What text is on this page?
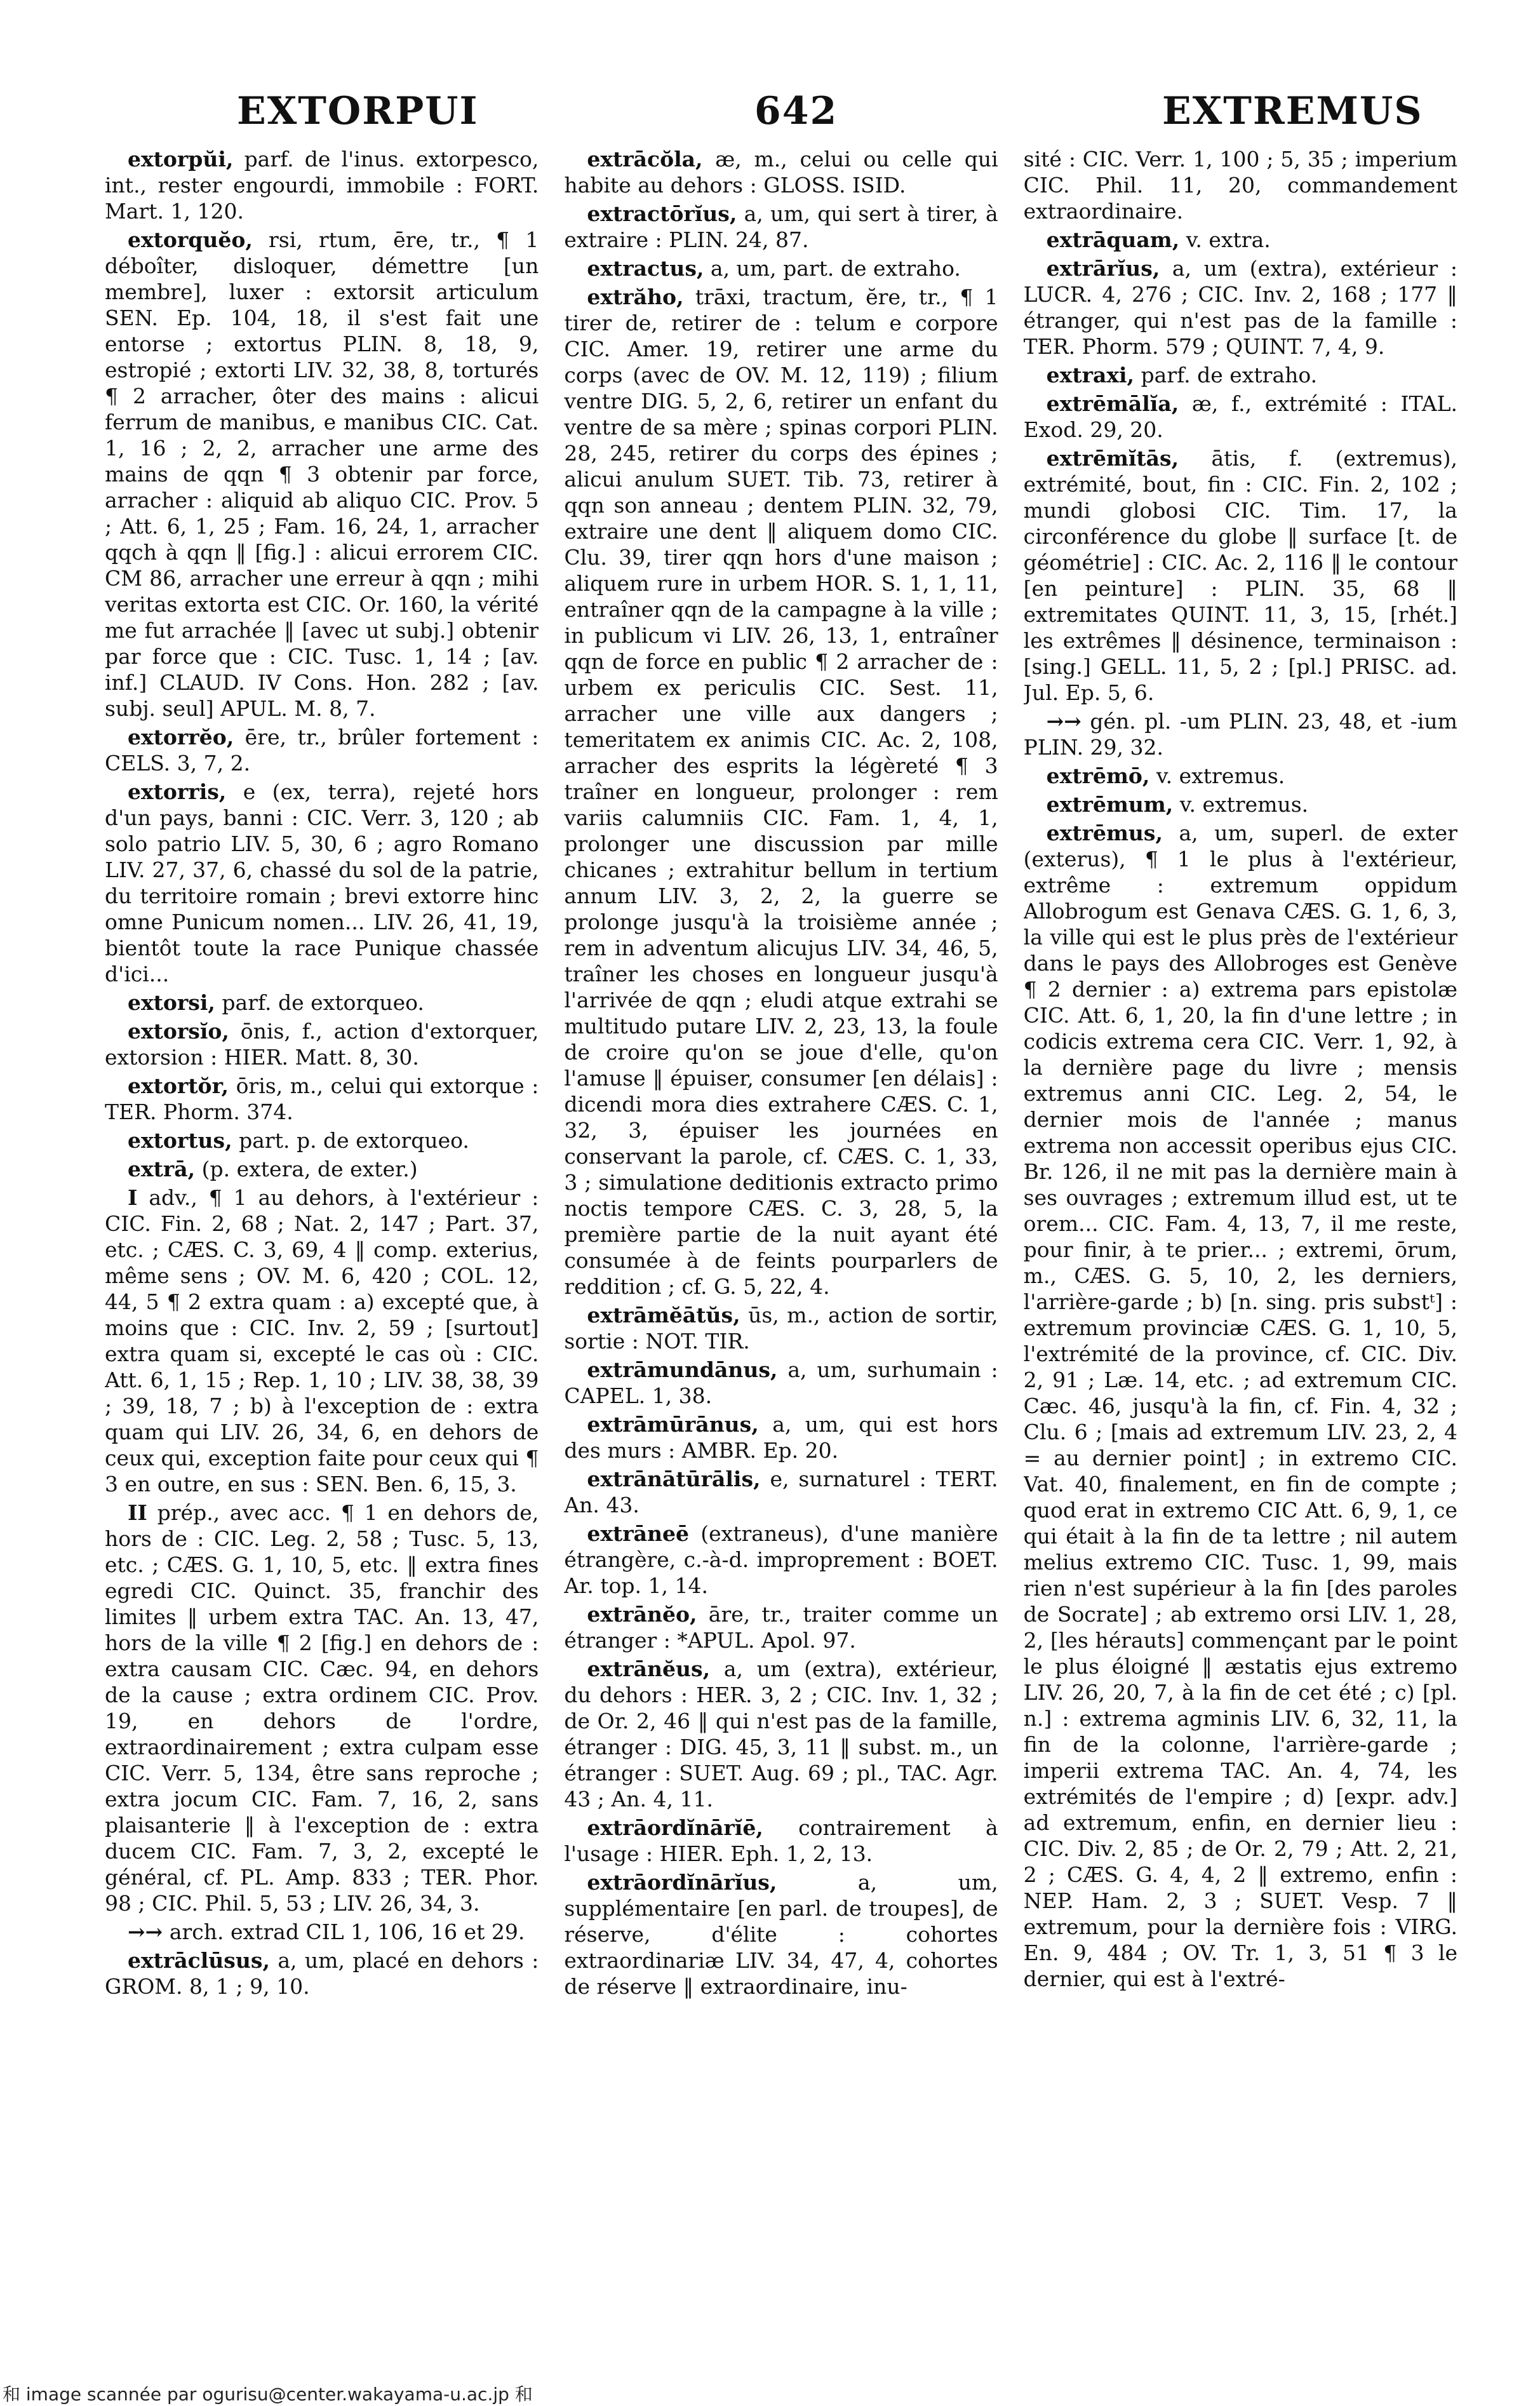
EXTORPUI	642	EXTREMUS

extorpŭi, parf. de l'inus. extorpesco, int., rester engourdi, immobile : FORT. Mart. 1, 120.

extorquĕo, rsi, rtum, ēre, tr., ¶ 1 déboîter, disloquer, démettre [un membre], luxer : extorsit articulum SEN. Ep. 104, 18, il s'est fait une entorse ; extortus PLIN. 8, 18, 9, estropié ; extorti LIV. 32, 38, 8, torturés ¶ 2 arracher, ôter des mains : alicui ferrum de manibus, e manibus CIC. Cat. 1, 16 ; 2, 2, arracher une arme des mains de qqn ¶ 3 obtenir par force, arracher : aliquid ab aliquo CIC. Prov. 5 ; Att. 6, 1, 25 ; Fam. 16, 24, 1, arracher qqch à qqn ‖ [fig.] : alicui errorem CIC. CM 86, arracher une erreur à qqn ; mihi veritas extorta est CIC. Or. 160, la vérité me fut arrachée ‖ [avec ut subj.] obtenir par force que : CIC. Tusc. 1, 14 ; [av. inf.] CLAUD. IV Cons. Hon. 282 ; [av. subj. seul] APUL. M. 8, 7.

extorrĕo, ēre, tr., brûler fortement : CELS. 3, 7, 2.

extorris, e (ex, terra), rejeté hors d'un pays, banni : CIC. Verr. 3, 120 ; ab solo patrio LIV. 5, 30, 6 ; agro Romano LIV. 27, 37, 6, chassé du sol de la patrie, du territoire romain ; brevi extorre hinc omne Punicum nomen... LIV. 26, 41, 19, bientôt toute la race Punique chassée d'ici...

extorsi, parf. de extorqueo.

extorsĭo, ōnis, f., action d'extorquer, extorsion : HIER. Matt. 8, 30.

extortŏr, ōris, m., celui qui extorque : TER. Phorm. 374.

extortus, part. p. de extorqueo.

extrā, (p. extera, de exter.)

I adv., ¶ 1 au dehors, à l'extérieur : CIC. Fin. 2, 68 ; Nat. 2, 147 ; Part. 37, etc. ; CÆS. C. 3, 69, 4 ‖ comp. exterius, même sens ; OV. M. 6, 420 ; COL. 12, 44, 5 ¶ 2 extra quam : a) excepté que, à moins que : CIC. Inv. 2, 59 ; [surtout] extra quam si, excepté le cas où : CIC. Att. 6, 1, 15 ; Rep. 1, 10 ; LIV. 38, 38, 39 ; 39, 18, 7 ; b) à l'exception de : extra quam qui LIV. 26, 34, 6, en dehors de ceux qui, exception faite pour ceux qui ¶ 3 en outre, en sus : SEN. Ben. 6, 15, 3.

II prép., avec acc. ¶ 1 en dehors de, hors de : CIC. Leg. 2, 58 ; Tusc. 5, 13, etc. ; CÆS. G. 1, 10, 5, etc. ‖ extra fines egredi CIC. Quinct. 35, franchir des limites ‖ urbem extra TAC. An. 13, 47, hors de la ville ¶ 2 [fig.] en dehors de : extra causam CIC. Cæc. 94, en dehors de la cause ; extra ordinem CIC. Prov. 19, en dehors de l'ordre, extraordinairement ; extra culpam esse CIC. Verr. 5, 134, être sans reproche ; extra jocum CIC. Fam. 7, 16, 2, sans plaisanterie ‖ à l'exception de : extra ducem CIC. Fam. 7, 3, 2, excepté le général, cf. PL. Amp. 833 ; TER. Phor. 98 ; CIC. Phil. 5, 53 ; LIV. 26, 34, 3.

→→ arch. extrad CIL 1, 106, 16 et 29.

extrāclūsus, a, um, placé en dehors : GROM. 8, 1 ; 9, 10.

extrācŏla, æ, m., celui ou celle qui habite au dehors : GLOSS. ISID.

extractōrĭus, a, um, qui sert à tirer, à extraire : PLIN. 24, 87.

extractus, a, um, part. de extraho.

extrăho, trāxi, tractum, ĕre, tr., ¶ 1 tirer de, retirer de : telum e corpore CIC. Amer. 19, retirer une arme du corps (avec de OV. M. 12, 119) ; filium ventre DIG. 5, 2, 6, retirer un enfant du ventre de sa mère ; spinas corpori PLIN. 28, 245, retirer du corps des épines ; alicui anulum SUET. Tib. 73, retirer à qqn son anneau ; dentem PLIN. 32, 79, extraire une dent ‖ aliquem domo CIC. Clu. 39, tirer qqn hors d'une maison ; aliquem rure in urbem HOR. S. 1, 1, 11, entraîner qqn de la campagne à la ville ; in publicum vi LIV. 26, 13, 1, entraîner qqn de force en public ¶ 2 arracher de : urbem ex periculis CIC. Sest. 11, arracher une ville aux dangers ; temeritatem ex animis CIC. Ac. 2, 108, arracher des esprits la légèreté ¶ 3 traîner en longueur, prolonger : rem variis calumniis CIC. Fam. 1, 4, 1, prolonger une discussion par mille chicanes ; extrahitur bellum in tertium annum LIV. 3, 2, 2, la guerre se prolonge jusqu'à la troisième année ; rem in adventum alicujus LIV. 34, 46, 5, traîner les choses en longueur jusqu'à l'arrivée de qqn ; eludi atque extrahi se multitudo putare LIV. 2, 23, 13, la foule de croire qu'on se joue d'elle, qu'on l'amuse ‖ épuiser, consumer [en délais] : dicendi mora dies extrahere CÆS. C. 1, 32, 3, épuiser les journées en conservant la parole, cf. CÆS. C. 1, 33, 3 ; simulatione deditionis extracto primo noctis tempore CÆS. C. 3, 28, 5, la première partie de la nuit ayant été consumée à de feints pourparlers de reddition ; cf. G. 5, 22, 4.

extrāmĕātŭs, ūs, m., action de sortir, sortie : NOT. TIR.

extrāmundānus, a, um, surhumain : CAPEL. 1, 38.

extrāmūrānus, a, um, qui est hors des murs : AMBR. Ep. 20.

extrānātūrālis, e, surnaturel : TERT. An. 43.

extrāneē (extraneus), d'une manière étrangère, c.-à-d. improprement : BOET. Ar. top. 1, 14.

extrānĕo, āre, tr., traiter comme un étranger : *APUL. Apol. 97.

extrānĕus, a, um (extra), extérieur, du dehors : HER. 3, 2 ; CIC. Inv. 1, 32 ; de Or. 2, 46 ‖ qui n'est pas de la famille, étranger : DIG. 45, 3, 11 ‖ subst. m., un étranger : SUET. Aug. 69 ; pl., TAC. Agr. 43 ; An. 4, 11.

extrāordĭnārĭē, contrairement à l'usage : HIER. Eph. 1, 2, 13.

extrāordĭnārĭus,	a, um, supplémentaire [en parl. de troupes], de réserve, d'élite : cohortes extraordinariæ LIV. 34, 47, 4, cohortes de réserve ‖ extraordinaire, inu-

sité : CIC. Verr. 1, 100 ; 5, 35 ; imperium CIC. Phil. 11, 20, commandement extraordinaire.

extrāquam, v. extra.

extrārĭus, a, um (extra), extérieur : LUCR. 4, 276 ; CIC. Inv. 2, 168 ; 177 ‖ étranger, qui n'est pas de la famille : TER. Phorm. 579 ; QUINT. 7, 4, 9.

extraxi, parf. de extraho.

extrēmālĭa, æ, f., extrémité : ITAL. Exod. 29, 20.

extrēmĭtās, ātis, f. (extremus), extrémité, bout, fin : CIC. Fin. 2, 102 ; mundi globosi CIC. Tim. 17, la circonférence du globe ‖ surface [t. de géométrie] : CIC. Ac. 2, 116 ‖ le contour [en peinture] : PLIN. 35, 68 ‖ extremitates QUINT. 11, 3, 15, [rhét.] les extrêmes ‖ désinence, terminaison : [sing.] GELL. 11, 5, 2 ; [pl.] PRISC. ad. Jul. Ep. 5, 6.

→→ gén. pl. -um PLIN. 23, 48, et -ium PLIN. 29, 32.

extrēmō, v. extremus.

extrēmum, v. extremus.

extrēmus, a, um, superl. de exter (exterus), ¶ 1 le plus à l'extérieur, extrême : extremum oppidum Allobrogum est Genava CÆS. G. 1, 6, 3, la ville qui est le plus près de l'extérieur dans le pays des Allobroges est Genève ¶ 2 dernier : a) extrema pars epistolæ CIC. Att. 6, 1, 20, la fin d'une lettre ; in codicis extrema cera CIC. Verr. 1, 92, à la dernière page du livre ; mensis extremus anni CIC. Leg. 2, 54, le dernier mois de l'année ; manus extrema non accessit operibus ejus CIC. Br. 126, il ne mit pas la dernière main à ses ouvrages ; extremum illud est, ut te orem... CIC. Fam. 4, 13, 7, il me reste, pour finir, à te prier... ; extremi, ōrum, m., CÆS. G. 5, 10, 2, les derniers, l'arrière-garde ; b) [n. sing. pris substᵗ] : extremum provinciæ CÆS. G. 1, 10, 5, l'extrémité de la province, cf. CIC. Div. 2, 91 ; Læ. 14, etc. ; ad extremum CIC. Cæc. 46, jusqu'à la fin, cf. Fin. 4, 32 ; Clu. 6 ; [mais ad extremum LIV. 23, 2, 4 = au dernier point] ; in extremo CIC. Vat. 40, finalement, en fin de compte ; quod erat in extremo CIC Att. 6, 9, 1, ce qui était à la fin de ta lettre ; nil autem melius extremo CIC. Tusc. 1, 99, mais rien n'est supérieur à la fin [des paroles de Socrate] ; ab extremo orsi LIV. 1, 28, 2, [les hérauts] commençant par le point le plus éloigné ‖ æstatis ejus extremo LIV. 26, 20, 7, à la fin de cet été ; c) [pl. n.] : extrema agminis LIV. 6, 32, 11, la fin de la colonne, l'arrière-garde ; imperii extrema TAC. An. 4, 74, les extrémités de l'empire ; d) [expr. adv.] ad extremum, enfin, en dernier lieu : CIC. Div. 2, 85 ; de Or. 2, 79 ; Att. 2, 21, 2 ; CÆS. G. 4, 4, 2 ‖ extremo, enfin : NEP. Ham. 2, 3 ; SUET. Vesp. 7 ‖ extremum, pour la dernière fois : VIRG. En. 9, 484 ; OV. Tr. 1, 3, 51 ¶ 3 le dernier, qui est à l'extré-

和 image scannée par ogurisu@center.wakayama-u.ac.jp 和
